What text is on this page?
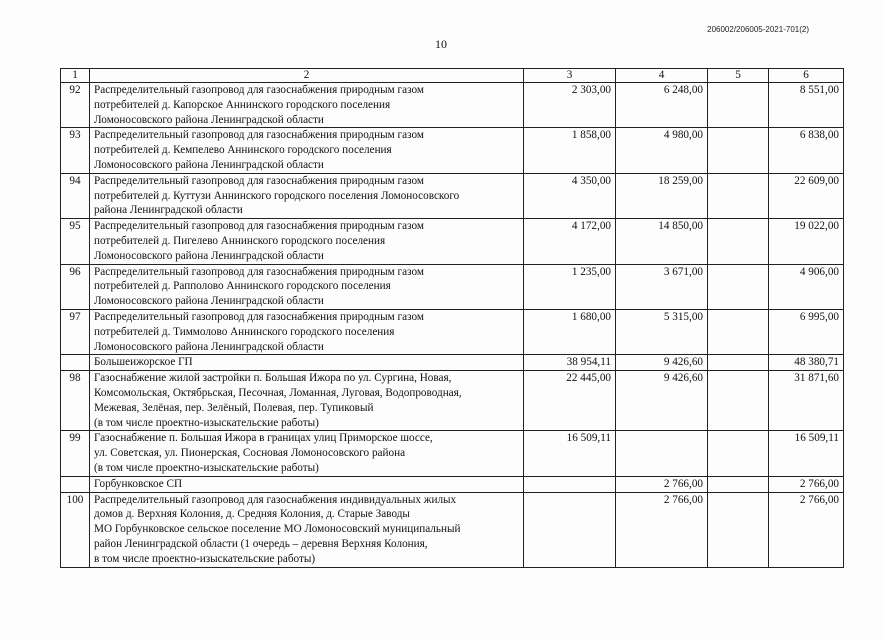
206002/206005-2021-701(2)
10
1	2	3	4	5	6
92	Распределительный газопровод для газоснабжения природным газом
потребителей д. Капорское Аннинского городского поселения
Ломоносовского района Ленинградской области	2 303,00	6 248,00		8 551,00
93	Распределительный газопровод для газоснабжения природным газом
потребителей д. Кемпелево Аннинского городского поселения
Ломоносовского района Ленинградской области	1 858,00	4 980,00		6 838,00
94	Распределительный газопровод для газоснабжения природным газом
потребителей д. Куттузи Аннинского городского поселения Ломоносовского
района Ленинградской области	4 350,00	18 259,00		22 609,00
95	Распределительный газопровод для газоснабжения природным газом
потребителей д. Пигелево Аннинского городского поселения
Ломоносовского района Ленинградской области	4 172,00	14 850,00		19 022,00
96	Распределительный газопровод для газоснабжения природным газом
потребителей д. Рапполово Аннинского городского поселения
Ломоносовского района Ленинградской области	1 235,00	3 671,00		4 906,00
97	Распределительный газопровод для газоснабжения природным газом
потребителей д. Тиммолово Аннинского городского поселения
Ломоносовского района Ленинградской области	1 680,00	5 315,00		6 995,00

	Большеижорское ГП	38 954,11	9 426,60		48 380,71
98	Газоснабжение жилой застройки п. Большая Ижора по ул. Сургина, Новая,
Комсомольская, Октябрьская, Песочная, Ломанная, Луговая, Водопроводная,
Межевая, Зелёная, пер. Зелёный, Полевая, пер. Тупиковый
(в том числе проектно-изыскательские работы)	22 445,00	9 426,60		31 871,60
99	Газоснабжение п. Большая Ижора в границах улиц Приморское шоссе,
ул. Советская, ул. Пионерская, Сосновая Ломоносовского района
(в том числе проектно-изыскательские работы)	16 509,11			16 509,11

	Горбунковское СП		2 766,00		2 766,00
100	Распределительный газопровод для газоснабжения индивидуальных жилых
домов д. Верхняя Колония, д. Средняя Колония, д. Старые Заводы
МО Горбунковское сельское поселение МО Ломоносовский муниципальный
район Ленинградской области (1 очередь – деревня Верхняя Колония,
в том числе проектно-изыскательские работы)		2 766,00		2 766,00
